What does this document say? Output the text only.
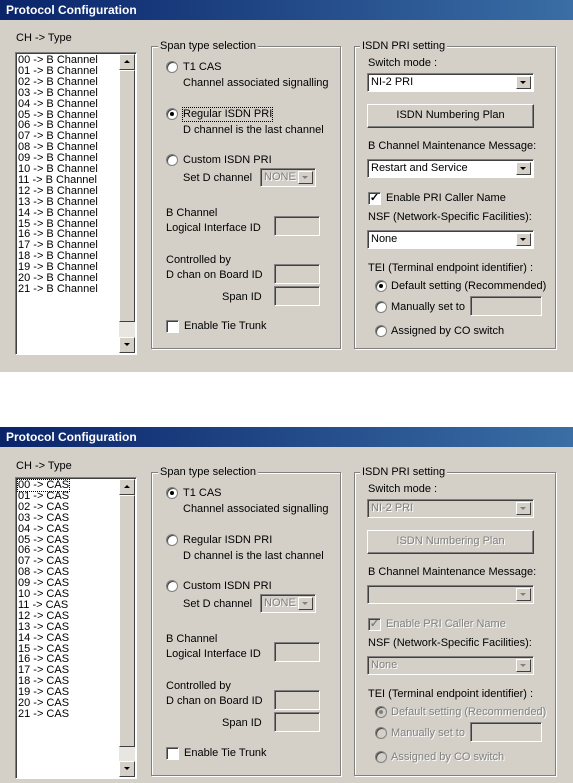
Protocol Configuration
CH -> Type
00 -> B Channel
01 -> B Channel
02 -> B Channel
03 -> B Channel
04 -> B Channel
05 -> B Channel
06 -> B Channel
07 -> B Channel
08 -> B Channel
09 -> B Channel
10 -> B Channel
11 -> B Channel
12 -> B Channel
13 -> B Channel
14 -> B Channel
15 -> B Channel
16 -> B Channel
17 -> B Channel
18 -> B Channel
19 -> B Channel
20 -> B Channel
21 -> B Channel
Span type selection
T1 CAS
Channel associated signalling
Regular ISDN PRI
D channel is the last channel
Custom ISDN PRI
Set D channel NONE
B Channel
Logical Interface ID
Controlled by
D chan on Board ID
Span ID
Enable Tie Trunk
ISDN PRI setting
Switch mode :
NI-2 PRI
ISDN Numbering Plan
B Channel Maintenance Message:
Restart and Service
✓ Enable PRI Caller Name
NSF (Network-Specific Facilities):
None
TEI (Terminal endpoint identifier) :
Default setting (Recommended)
Manually set to
Assigned by CO switch
Protocol Configuration
CH -> Type
00 -> CAS
01 -> CAS
02 -> CAS
03 -> CAS
04 -> CAS
05 -> CAS
06 -> CAS
07 -> CAS
08 -> CAS
09 -> CAS
10 -> CAS
11 -> CAS
12 -> CAS
13 -> CAS
14 -> CAS
15 -> CAS
16 -> CAS
17 -> CAS
18 -> CAS
19 -> CAS
20 -> CAS
21 -> CAS
Span type selection
T1 CAS
Channel associated signalling
Regular ISDN PRI
D channel is the last channel
Custom ISDN PRI
Set D channel NONE
B Channel
Logical Interface ID
Controlled by
D chan on Board ID
Span ID
Enable Tie Trunk
ISDN PRI setting
Switch mode :
NI-2 PRI
ISDN Numbering Plan
B Channel Maintenance Message:
✓ Enable PRI Caller Name
NSF (Network-Specific Facilities):
None
TEI (Terminal endpoint identifier) :
Default setting (Recommended)
Manually set to
Assigned by CO switch
